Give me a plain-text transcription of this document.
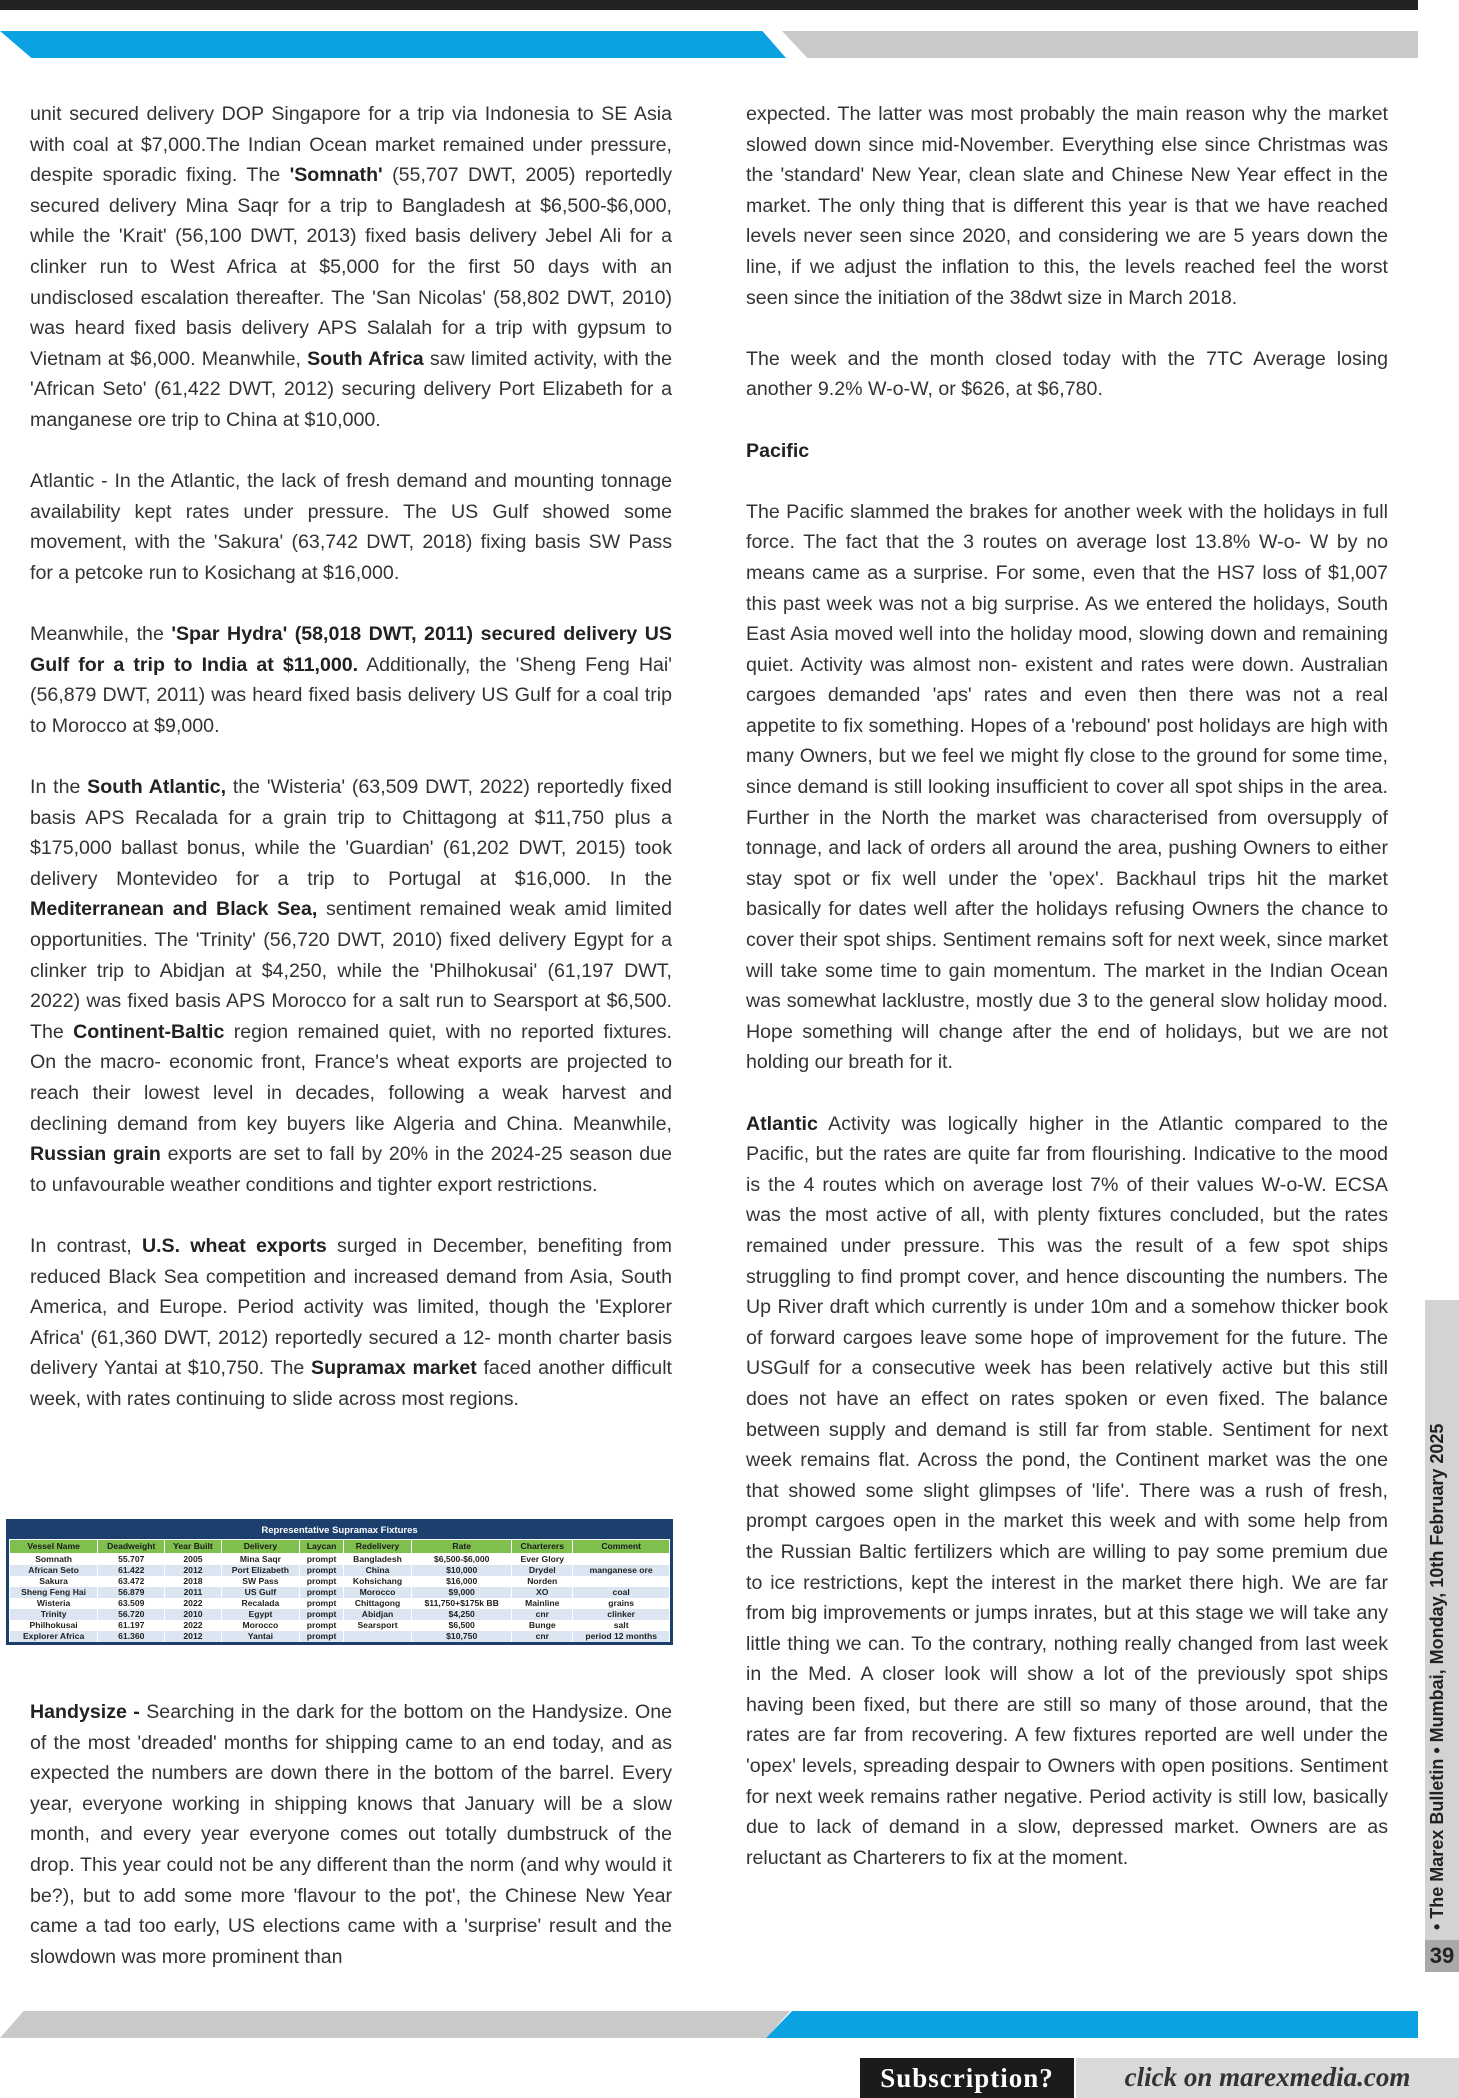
unit secured delivery DOP Singapore for a trip via Indonesia to SE Asia with coal at $7,000.The Indian Ocean market remained under pressure, despite sporadic fixing. The 'Somnath' (55,707 DWT, 2005) reportedly secured delivery Mina Saqr for a trip to Bangladesh at $6,500-$6,000, while the 'Krait' (56,100 DWT, 2013) fixed basis delivery Jebel Ali for a clinker run to West Africa at $5,000 for the first 50 days with an undisclosed escalation thereafter. The 'San Nicolas' (58,802 DWT, 2010) was heard fixed basis delivery APS Salalah for a trip with gypsum to Vietnam at $6,000. Meanwhile, South Africa saw limited activity, with the 'African Seto' (61,422 DWT, 2012) securing delivery Port Elizabeth for a manganese ore trip to China at $10,000.

Atlantic - In the Atlantic, the lack of fresh demand and mounting tonnage availability kept rates under pressure. The US Gulf showed some movement, with the 'Sakura' (63,742 DWT, 2018) fixing basis SW Pass for a petcoke run to Kosichang at $16,000.

Meanwhile, the 'Spar Hydra' (58,018 DWT, 2011) secured delivery US Gulf for a trip to India at $11,000. Additionally, the 'Sheng Feng Hai' (56,879 DWT, 2011) was heard fixed basis delivery US Gulf for a coal trip to Morocco at $9,000.

In the South Atlantic, the 'Wisteria' (63,509 DWT, 2022) reportedly fixed basis APS Recalada for a grain trip to Chittagong at $11,750 plus a $175,000 ballast bonus, while the 'Guardian' (61,202 DWT, 2015) took delivery Montevideo for a trip to Portugal at $16,000. In the Mediterranean and Black Sea, sentiment remained weak amid limited opportunities. The 'Trinity' (56,720 DWT, 2010) fixed delivery Egypt for a clinker trip to Abidjan at $4,250, while the 'Philhokusai' (61,197 DWT, 2022) was fixed basis APS Morocco for a salt run to Searsport at $6,500. The Continent-Baltic region remained quiet, with no reported fixtures. On the macro- economic front, France's wheat exports are projected to reach their lowest level in decades, following a weak harvest and declining demand from key buyers like Algeria and China. Meanwhile, Russian grain exports are set to fall by 20% in the 2024-25 season due to unfavourable weather conditions and tighter export restrictions.

In contrast, U.S. wheat exports surged in December, benefiting from reduced Black Sea competition and increased demand from Asia, South America, and Europe. Period activity was limited, though the 'Explorer Africa' (61,360 DWT, 2012) reportedly secured a 12- month charter basis delivery Yantai at $10,750. The Supramax market faced another difficult week, with rates continuing to slide across most regions.

Representative Supramax Fixtures
Vessel Name	Deadweight	Year Built	Delivery	Laycan	Redelivery	Rate	Charterers	Comment
Somnath	55.707	2005	Mina Saqr	prompt	Bangladesh	$6,500-$6,000	Ever Glory	
African Seto	61.422	2012	Port Elizabeth	prompt	China	$10,000	Drydel	manganese ore
Sakura	63.472	2018	SW Pass	prompt	Kohsichang	$16,000	Norden	
Sheng Feng Hai	56.879	2011	US Gulf	prompt	Morocco	$9,000	XO	coal
Wisteria	63.509	2022	Recalada	prompt	Chittagong	$11,750+$175k BB	Mainline	grains
Trinity	56.720	2010	Egypt	prompt	Abidjan	$4,250	cnr	clinker
Philhokusai	61.197	2022	Morocco	prompt	Searsport	$6,500	Bunge	salt
Explorer Africa	61.360	2012	Yantai	prompt		$10,750	cnr	period 12 months

Handysize - Searching in the dark for the bottom on the Handysize. One of the most 'dreaded' months for shipping came to an end today, and as expected the numbers are down there in the bottom of the barrel. Every year, everyone working in shipping knows that January will be a slow month, and every year everyone comes out totally dumbstruck of the drop. This year could not be any different than the norm (and why would it be?), but to add some more 'flavour to the pot', the Chinese New Year came a tad too early, US elections came with a 'surprise' result and the slowdown was more prominent than

expected. The latter was most probably the main reason why the market slowed down since mid-November. Everything else since Christmas was the 'standard' New Year, clean slate and Chinese New Year effect in the market. The only thing that is different this year is that we have reached levels never seen since 2020, and considering we are 5 years down the line, if we adjust the inflation to this, the levels reached feel the worst seen since the initiation of the 38dwt size in March 2018.

The week and the month closed today with the 7TC Average losing another 9.2% W-o-W, or $626, at $6,780.

Pacific

The Pacific slammed the brakes for another week with the holidays in full force. The fact that the 3 routes on average lost 13.8% W-o- W by no means came as a surprise. For some, even that the HS7 loss of $1,007 this past week was not a big surprise. As we entered the holidays, South East Asia moved well into the holiday mood, slowing down and remaining quiet. Activity was almost non- existent and rates were down. Australian cargoes demanded 'aps' rates and even then there was not a real appetite to fix something. Hopes of a 'rebound' post holidays are high with many Owners, but we feel we might fly close to the ground for some time, since demand is still looking insufficient to cover all spot ships in the area. Further in the North the market was characterised from oversupply of tonnage, and lack of orders all around the area, pushing Owners to either stay spot or fix well under the 'opex'. Backhaul trips hit the market basically for dates well after the holidays refusing Owners the chance to cover their spot ships. Sentiment remains soft for next week, since market will take some time to gain momentum. The market in the Indian Ocean was somewhat lacklustre, mostly due 3 to the general slow holiday mood. Hope something will change after the end of holidays, but we are not holding our breath for it.

Atlantic Activity was logically higher in the Atlantic compared to the Pacific, but the rates are quite far from flourishing. Indicative to the mood is the 4 routes which on average lost 7% of their values W-o-W. ECSA was the most active of all, with plenty fixtures concluded, but the rates remained under pressure. This was the result of a few spot ships struggling to find prompt cover, and hence discounting the numbers. The Up River draft which currently is under 10m and a somehow thicker book of forward cargoes leave some hope of improvement for the future. The USGulf for a consecutive week has been relatively active but this still does not have an effect on rates spoken or even fixed. The balance between supply and demand is still far from stable. Sentiment for next week remains flat. Across the pond, the Continent market was the one that showed some slight glimpses of 'life'. There was a rush of fresh, prompt cargoes open in the market this week and with some help from the Russian Baltic fertilizers which are willing to pay some premium due to ice restrictions, kept the interest in the market there high. We are far from big improvements or jumps inrates, but at this stage we will take any little thing we can. To the contrary, nothing really changed from last week in the Med. A closer look will show a lot of the previously spot ships having been fixed, but there are still so many of those around, that the rates are far from recovering. A few fixtures reported are well under the 'opex' levels, spreading despair to Owners with open positions. Sentiment for next week remains rather negative. Period activity is still low, basically due to lack of demand in a slow, depressed market. Owners are as reluctant as Charterers to fix at the moment.	• The Marex Bulletin • Mumbai, Monday, 10th February 2025
39
Subscription?	click on marexmedia.com
